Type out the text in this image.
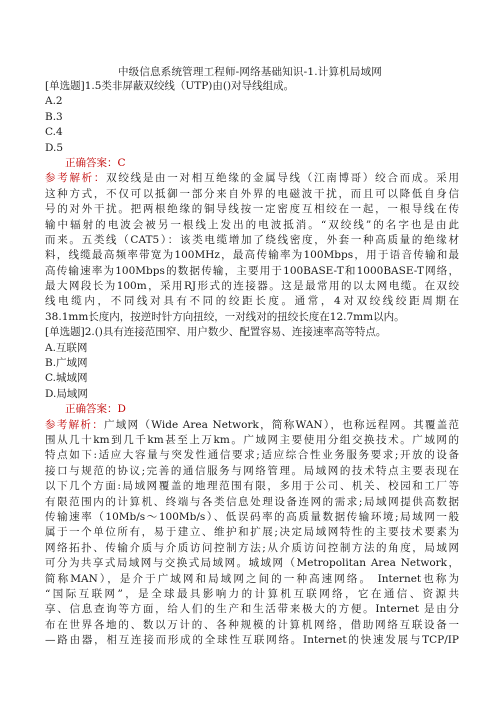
中级信息系统管理工程师-网络基础知识-1.计算机局域网
[单选题]1.5类非屏蔽双绞线（UTP)由()对导线组成。
A.2
B.3
C.4
D.5
正确答案：C
参考解析：双绞线是由一对相互绝缘的金属导线（江南博哥）绞合而成。采用
这种方式，不仅可以抵御一部分来自外界的电磁波干扰，而且可以降低自身信
号的对外干扰。把两根绝缘的铜导线按一定密度互相绞在一起，一根导线在传
输中辐射的电波会被另一根线上发出的电波抵消。“双绞线”的名字也是由此
而来。五类线（CAT5）：该类电缆增加了绕线密度，外套一种高质量的绝缘材
料，线缆最高频率带宽为100MHz，最高传输率为100Mbps，用于语音传输和最
高传输速率为100Mbps的数据传输，主要用于100BASE-T和1000BASE-T网络，
最大网段长为100m，采用RJ形式的连接器。这是最常用的以太网电缆。在双绞
线电缆内，不同线对具有不同的绞距长度。通常，4对双绞线绞距周期在
38.1mm长度内，按逆时针方向扭绞，一对线对的扭绞长度在12.7mm以内。
[单选题]2.()具有连接范围窄、用户数少、配置容易、连接速率高等特点。
A.互联网
B.广域网
C.城域网
D.局域网
正确答案：D
参考解析：广域网（Wide Area Network，简称WAN），也称远程网。其覆盖范
围从几十km到几千km甚至上万km。广域网主要使用分组交换技术。广域网的
特点如下:适应大容量与突发性通信要求;适应综合性业务服务要求;开放的设备
接口与规范的协议;完善的通信服务与网络管理。局域网的技术特点主要表现在
以下几个方面:局域网覆盖的地理范围有限，多用于公司、机关、校园和工厂等
有限范围内的计算机、终端与各类信息处理设备连网的需求;局域网提供高数据
传输速率（10Mb/s～100Mb/s）、低误码率的高质量数据传输环境;局域网一般
属于一个单位所有，易于建立、维护和扩展;决定局域网特性的主要技术要素为
网络拓扑、传输介质与介质访问控制方法;从介质访问控制方法的角度，局域网
可分为共享式局域网与交换式局域网。城域网（Metropolitan Area Network，
简称MAN），是介于广域网和局域网之间的一种高速网络。 Internet也称为
“国际互联网”，是全球最具影响力的计算机互联网络，它在通信、资源共
享、信息查询等方面，给人们的生产和生活带来极大的方便。Internet 是由分
布在世界各地的、数以万计的、各种规模的计算机网络，借助网络互联设备一
—路由器，相互连接而形成的全球性互联网络。Internet的快速发展与TCP/IP
